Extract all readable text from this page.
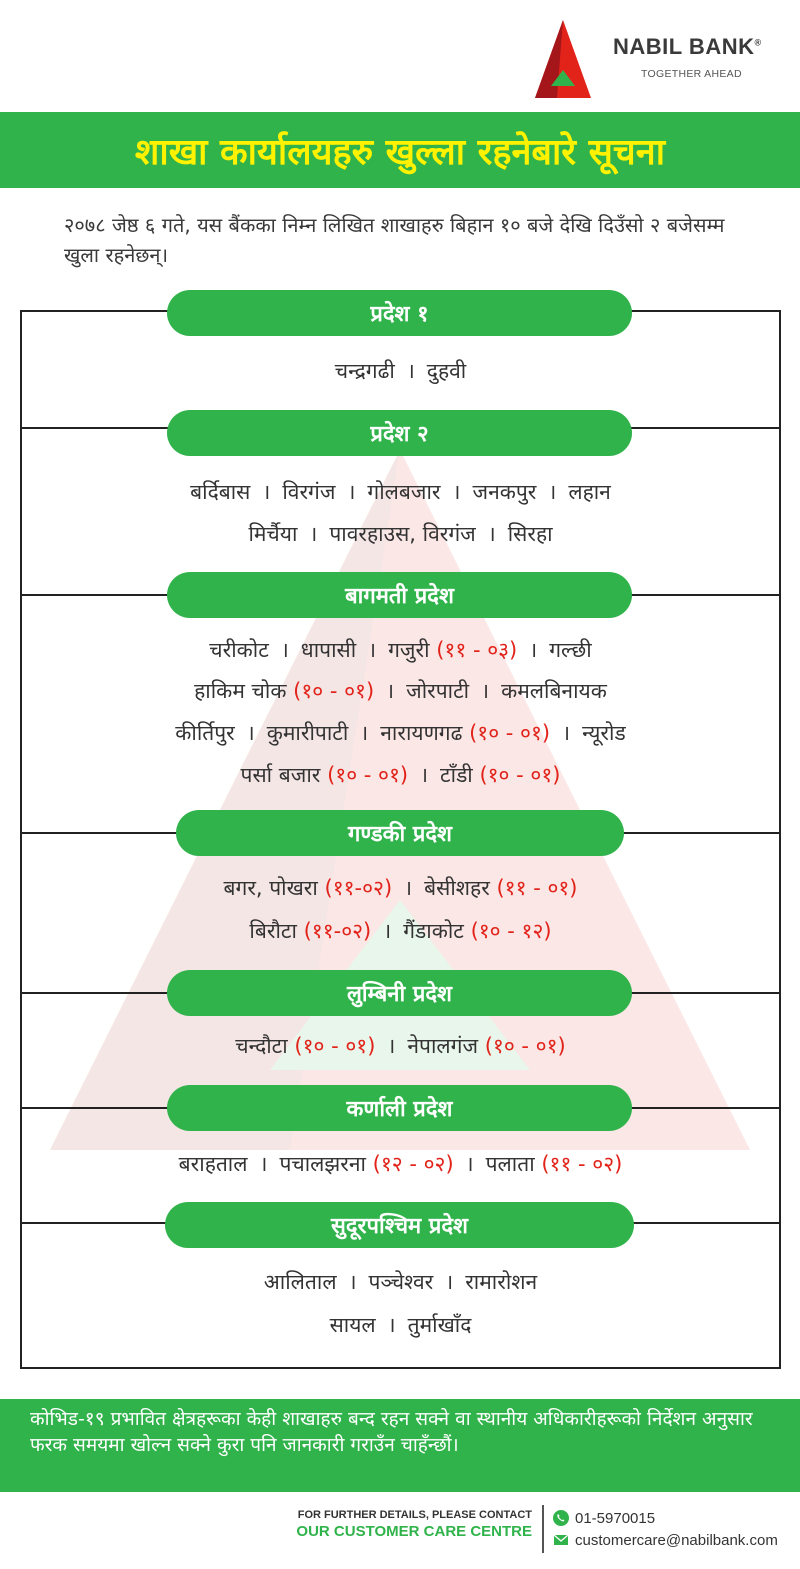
NABIL BANK®
TOGETHER AHEAD
शाखा कार्यालयहरु खुल्ला रहनेबारे सूचना

२०७८ जेष्ठ ६ गते, यस बैंकका निम्न लिखित शाखाहरु बिहान १० बजे देखि दिउँसो २ बजेसम्म खुला रहनेछन्।

प्रदेश १
चन्द्रगढी । दुहवी
प्रदेश २
बर्दिबास । विरगंज । गोलबजार । जनकपुर । लहान
मिर्चैया । पावरहाउस, विरगंज । सिरहा
बागमती प्रदेश
चरीकोट । धापासी । गजुरी (११ - ०३) । गल्छी
हाकिम चोक (१० - ०१) । जोरपाटी । कमलबिनायक
कीर्तिपुर । कुमारीपाटी । नारायणगढ (१० - ०१) । न्यूरोड
पर्सा बजार (१० - ०१) । टाँडी (१० - ०१)
गण्डकी प्रदेश
बगर, पोखरा (११-०२) । बेसीशहर (११ - ०१)
बिरौटा (११-०२) । गैंडाकोट (१० - १२)
लुम्बिनी प्रदेश
चन्दौटा (१० - ०१) । नेपालगंज (१० - ०१)
कर्णाली प्रदेश
बराहताल । पचालझरना (१२ - ०२) । पलाता (११ - ०२)
सुदूरपश्चिम प्रदेश
आलिताल । पञ्चेश्वर । रामारोशन
सायल । तुर्माखाँद

कोभिड-१९ प्रभावित क्षेत्रहरूका केही शाखाहरु बन्द रहन सक्ने वा स्थानीय अधिकारीहरूको निर्देशन अनुसार फरक समयमा खोल्न सक्ने कुरा पनि जानकारी गराउँन चाहँन्छौं।

FOR FURTHER DETAILS, PLEASE CONTACT
OUR CUSTOMER CARE CENTRE
01-5970015
customercare@nabilbank.com
